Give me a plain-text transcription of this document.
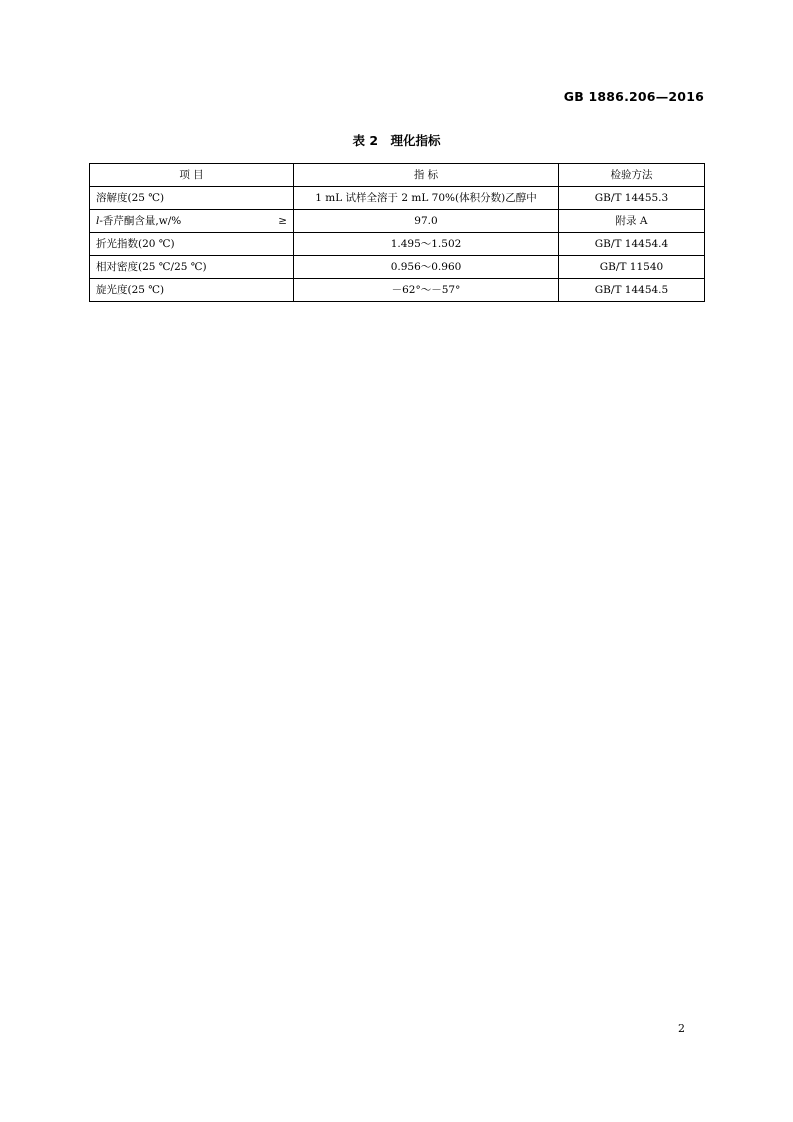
GB 1886.206—2016
表 2 理化指标
项 目	指 标	检验方法
溶解度(25 ℃)	1 mL 试样全溶于 2 mL 70%(体积分数)乙醇中	GB/T 14455.3

l-香芹酮含量,w/% ≥	97.0	附录 A
折光指数(20 ℃)	1.495～1.502	GB/T 14454.4
相对密度(25 ℃/25 ℃)	0.956～0.960	GB/T 11540
旋光度(25 ℃)	－62°～－57°	GB/T 14454.5
2
